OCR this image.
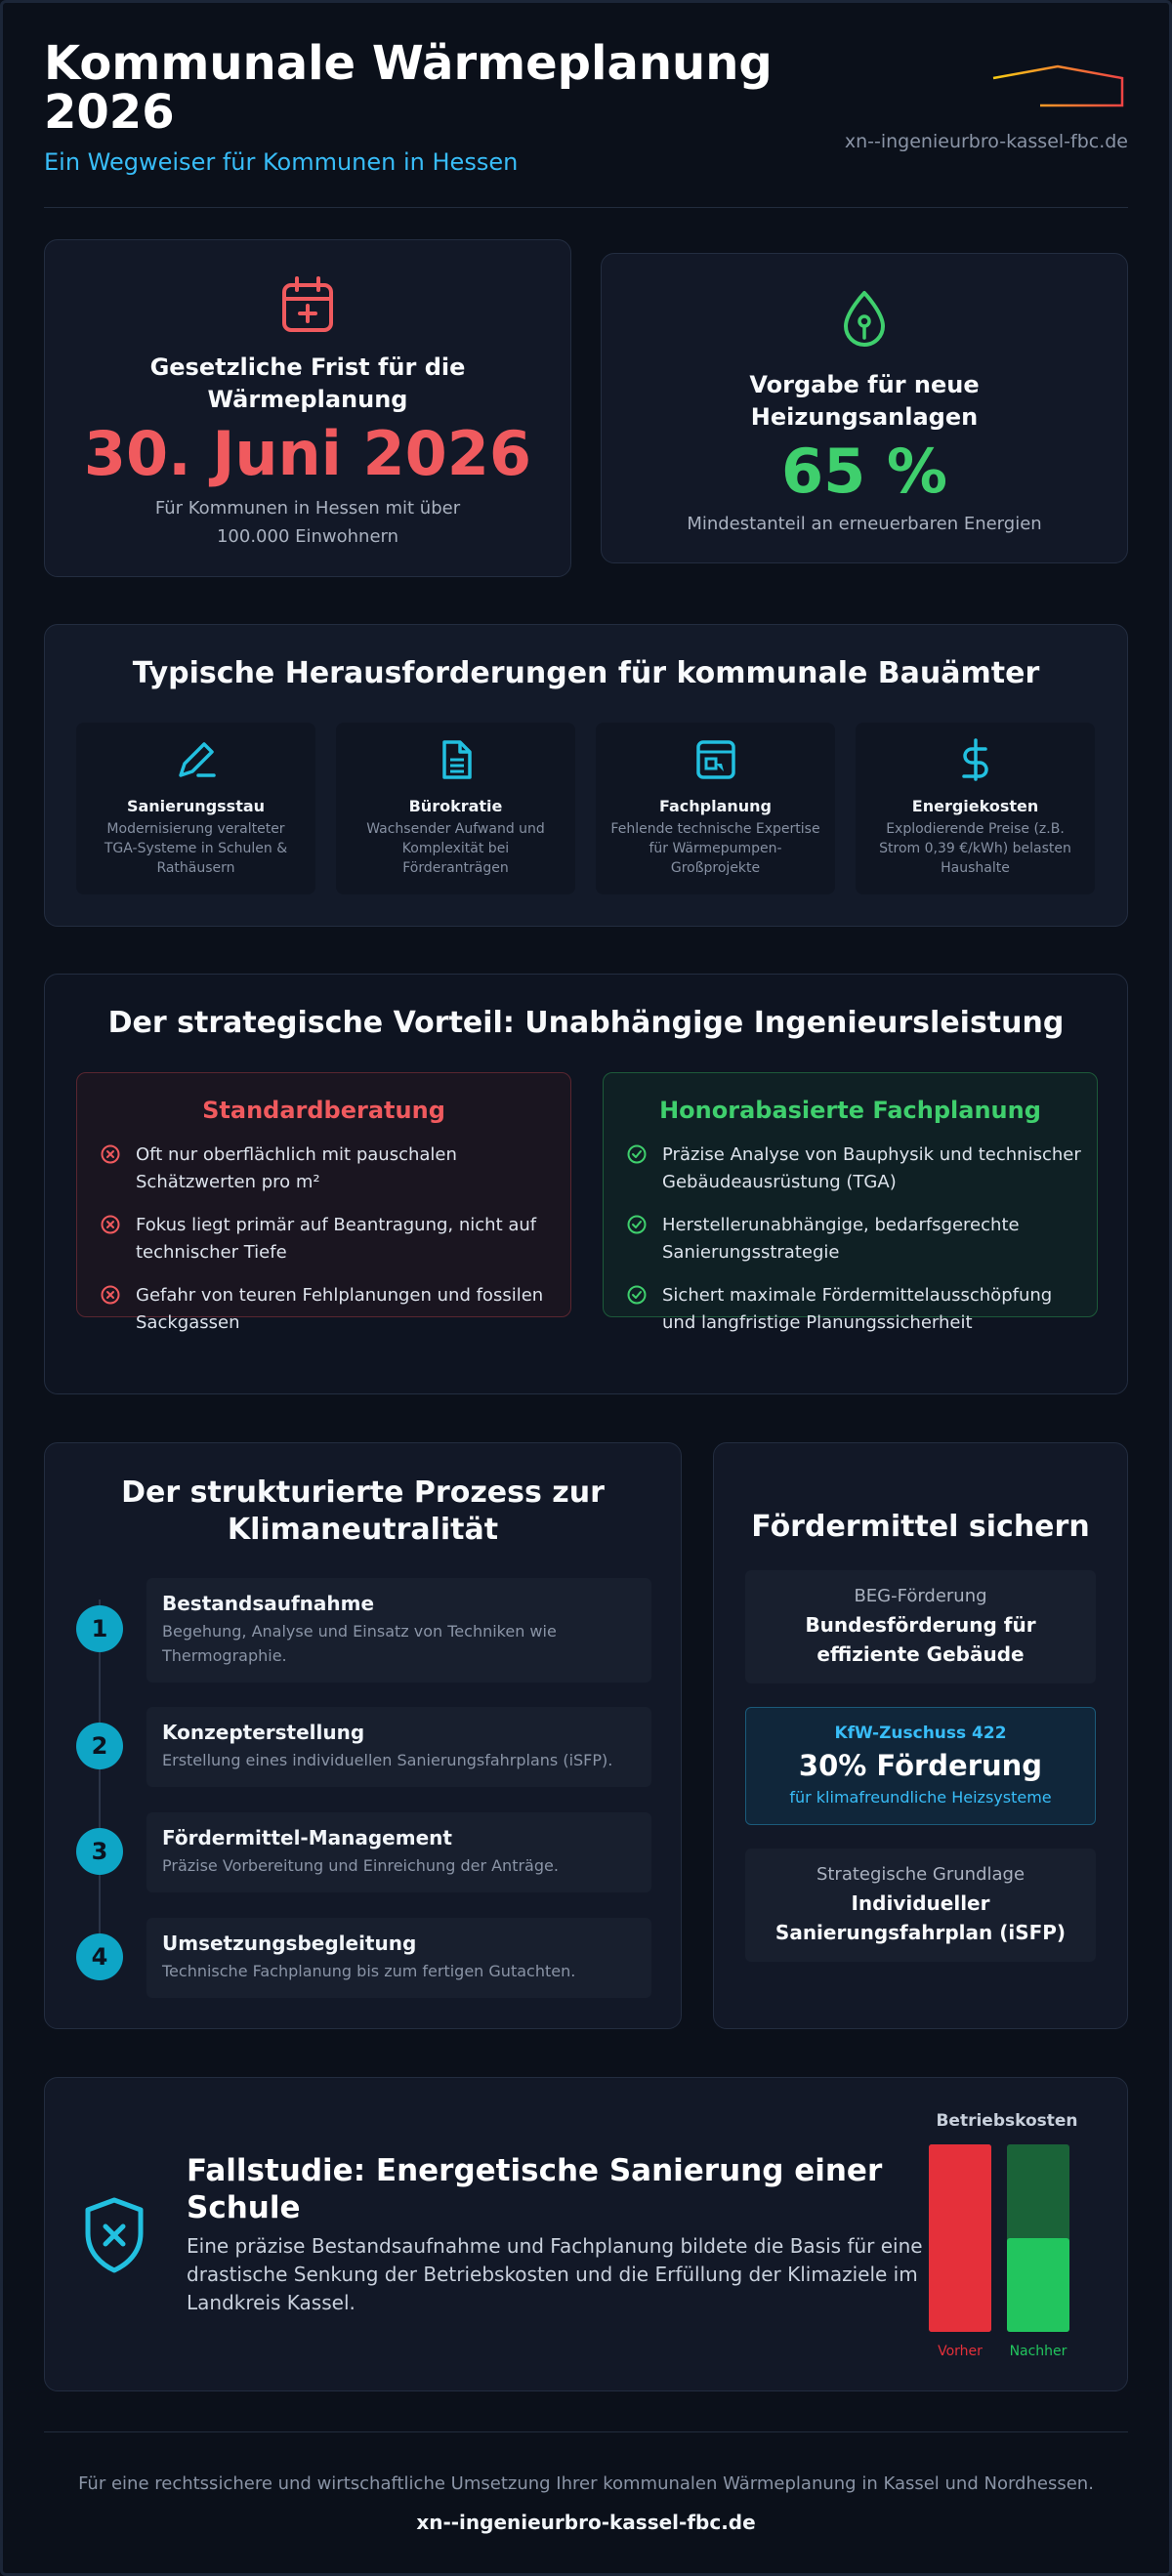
Kommunale Wärmeplanung 2026
Ein Wegweiser für Kommunen in Hessen
xn--ingenieurbro-kassel-fbc.de
Gesetzliche Frist für die Wärmeplanung
30. Juni 2026
Für Kommunen in Hessen mit über 100.000 Einwohnern
Vorgabe für neue Heizungsanlagen
65 %
Mindestanteil an erneuerbaren Energien
Typische Herausforderungen für kommunale Bauämter
Sanierungsstau
Modernisierung veralteter TGA-Systeme in Schulen & Rathäusern
Bürokratie
Wachsender Aufwand und Komplexität bei Förderanträgen
Fachplanung
Fehlende technische Expertise für Wärmepumpen-Großprojekte
Energiekosten
Explodierende Preise (z.B. Strom 0,39 €/kWh) belasten Haushalte
Der strategische Vorteil: Unabhängige Ingenieursleistung
Standardberatung
Oft nur oberflächlich mit pauschalen Schätzwerten pro m²
Fokus liegt primär auf Beantragung, nicht auf technischer Tiefe
Gefahr von teuren Fehlplanungen und fossilen Sackgassen
Honorabasierte Fachplanung
Präzise Analyse von Bauphysik und technischer Gebäudeausrüstung (TGA)
Herstellerunabhängige, bedarfsgerechte Sanierungsstrategie
Sichert maximale Fördermittelausschöpfung und langfristige Planungssicherheit
Der strukturierte Prozess zur Klimaneutralität
Bestandsaufnahme
Begehung, Analyse und Einsatz von Techniken wie Thermographie.
1
Konzepterstellung
Erstellung eines individuellen Sanierungsfahrplans (iSFP).
2
Fördermittel-Management
Präzise Vorbereitung und Einreichung der Anträge.
3
Umsetzungsbegleitung
Technische Fachplanung bis zum fertigen Gutachten.
4
Fördermittel sichern
BEG-Förderung
Bundesförderung für effiziente Gebäude
KfW-Zuschuss 422
30% Förderung
für klimafreundliche Heizsysteme
Strategische Grundlage
Individueller Sanierungsfahrplan (iSFP)
Fallstudie: Energetische Sanierung einer Schule
Eine präzise Bestandsaufnahme und Fachplanung bildete die Basis für eine drastische Senkung der Betriebskosten und die Erfüllung der Klimaziele im Landkreis Kassel.
Betriebskosten
Vorher Nachher
Für eine rechtssichere und wirtschaftliche Umsetzung Ihrer kommunalen Wärmeplanung in Kassel und Nordhessen.
xn--ingenieurbro-kassel-fbc.de
